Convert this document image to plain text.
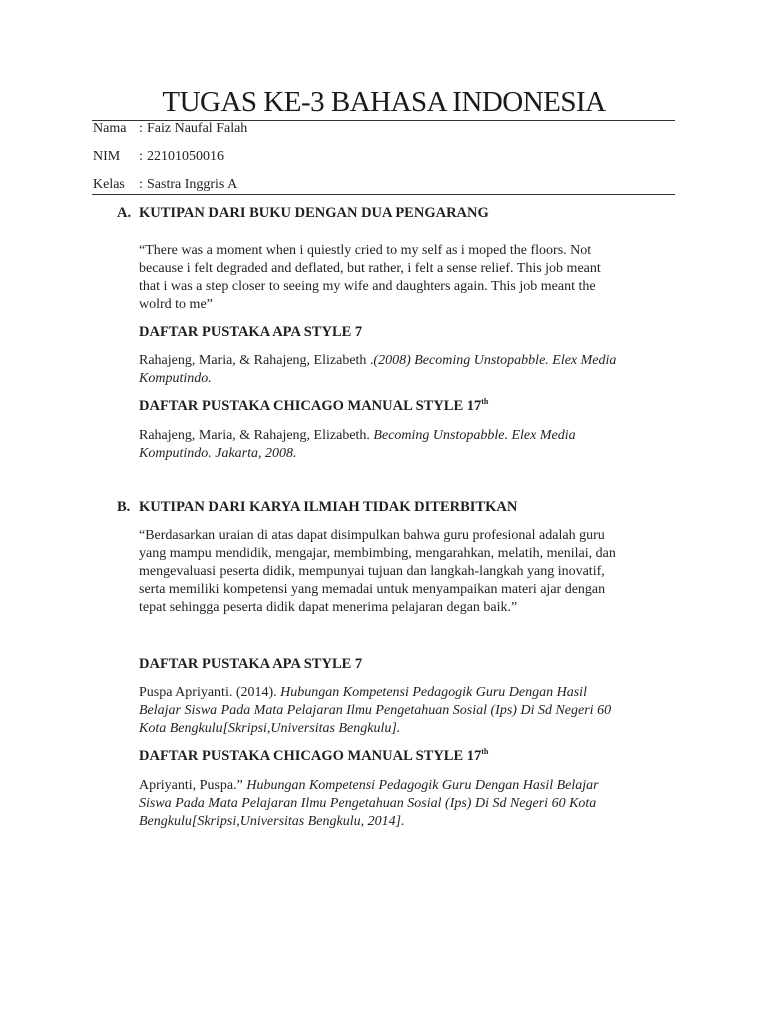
TUGAS KE-3 BAHASA INDONESIA
Nama : Faiz Naufal Falah
NIM : 22101050016
Kelas : Sastra Inggris A
A. KUTIPAN DARI BUKU DENGAN DUA PENGARANG
“There was a moment when i quiestly cried to my self as i moped the floors. Not
because i felt degraded and deflated, but rather, i felt a sense relief. This job meant
that i was a step closer to seeing my wife and daughters again. This job meant the
wolrd to me”
DAFTAR PUSTAKA APA STYLE 7
Rahajeng, Maria, & Rahajeng, Elizabeth .(2008) Becoming Unstopabble. Elex Media
Komputindo.
DAFTAR PUSTAKA CHICAGO MANUAL STYLE 17th
Rahajeng, Maria, & Rahajeng, Elizabeth. Becoming Unstopabble. Elex Media
Komputindo. Jakarta, 2008.
B. KUTIPAN DARI KARYA ILMIAH TIDAK DITERBITKAN
“Berdasarkan uraian di atas dapat disimpulkan bahwa guru profesional adalah guru
yang mampu mendidik, mengajar, membimbing, mengarahkan, melatih, menilai, dan
mengevaluasi peserta didik, mempunyai tujuan dan langkah-langkah yang inovatif,
serta memiliki kompetensi yang memadai untuk menyampaikan materi ajar dengan
tepat sehingga peserta didik dapat menerima pelajaran degan baik.”
DAFTAR PUSTAKA APA STYLE 7
Puspa Apriyanti. (2014). Hubungan Kompetensi Pedagogik Guru Dengan Hasil
Belajar Siswa Pada Mata Pelajaran Ilmu Pengetahuan Sosial (Ips) Di Sd Negeri 60
Kota Bengkulu[Skripsi,Universitas Bengkulu].
DAFTAR PUSTAKA CHICAGO MANUAL STYLE 17th
Apriyanti, Puspa.” Hubungan Kompetensi Pedagogik Guru Dengan Hasil Belajar
Siswa Pada Mata Pelajaran Ilmu Pengetahuan Sosial (Ips) Di Sd Negeri 60 Kota
Bengkulu[Skripsi,Universitas Bengkulu, 2014].
